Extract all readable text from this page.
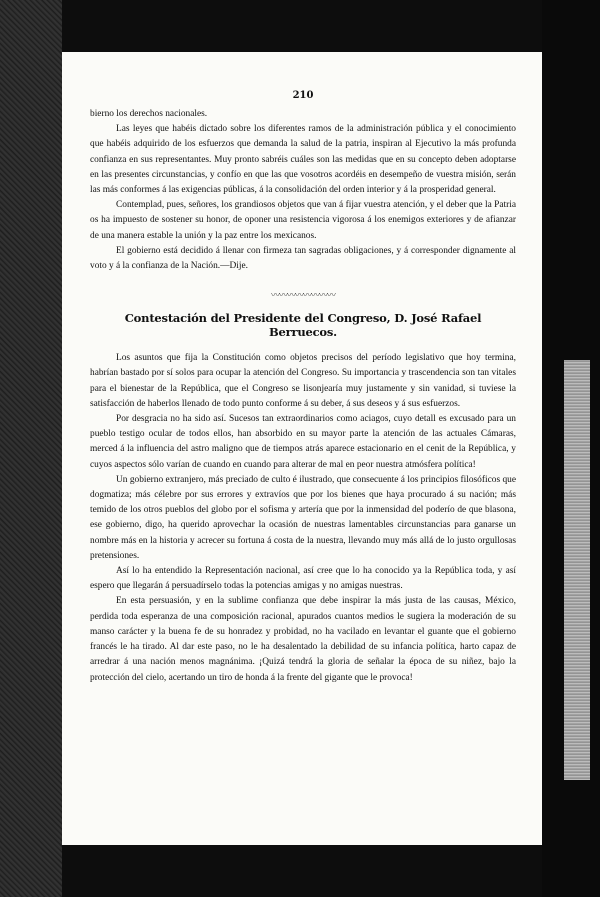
210

bierno los derechos nacionales.

Las leyes que habéis dictado sobre los diferentes ramos de la administración pública y el conocimiento que habéis adquirido de los esfuerzos que demanda la salud de la patria, inspiran al Ejecutivo la más profunda confianza en sus representantes. Muy pronto sabréis cuáles son las medidas que en su concepto deben adoptarse en las presentes circunstancias, y confío en que las que vosotros acordéis en desempeño de vuestra misión, serán las más conformes á las exigencias públicas, á la consolidación del orden interior y á la prosperidad general.

Contemplad, pues, señores, los grandiosos objetos que van á fijar vuestra atención, y el deber que la Patria os ha impuesto de sostener su honor, de oponer una resistencia vigorosa á los enemigos exteriores y de afianzar de una manera estable la unión y la paz entre los mexicanos.

El gobierno está decidido á llenar con firmeza tan sagradas obligaciones, y á corresponder dignamente al voto y á la confianza de la Nación.—Dije.

〰〰〰〰〰〰〰〰
Contestación del Presidente del Congreso, D. José Rafael Berruecos.

Los asuntos que fija la Constitución como objetos precisos del período legislativo que hoy termina, habrían bastado por sí solos para ocupar la atención del Congreso. Su importancia y trascendencia son tan vitales para el bienestar de la República, que el Congreso se lisonjearía muy justamente y sin vanidad, si tuviese la satisfacción de haberlos llenado de todo punto conforme á su deber, á sus deseos y á sus esfuerzos.

Por desgracia no ha sido así. Sucesos tan extraordinarios como aciagos, cuyo detall es excusado para un pueblo testigo ocular de todos ellos, han absorbido en su mayor parte la atención de las actuales Cámaras, merced á la influencia del astro maligno que de tiempos atrás aparece estacionario en el cenit de la República, y cuyos aspectos sólo varían de cuando en cuando para alterar de mal en peor nuestra atmósfera política!

Un gobierno extranjero, más preciado de culto é ilustrado, que consecuente á los principios filosóficos que dogmatiza; más célebre por sus errores y extravíos que por los bienes que haya procurado á su nación; más temido de los otros pueblos del globo por el sofisma y artería que por la inmensidad del poderío de que blasona, ese gobierno, digo, ha querido aprovechar la ocasión de nuestras lamentables circunstancias para ganarse un nombre más en la historia y acrecer su fortuna á costa de la nuestra, llevando muy más allá de lo justo orgullosas pretensiones.

Así lo ha entendido la Representación nacional, así cree que lo ha conocido ya la República toda, y así espero que llegarán á persuadírselo todas la potencias amigas y no amigas nuestras.

En esta persuasión, y en la sublime confianza que debe inspirar la más justa de las causas, México, perdida toda esperanza de una composición racional, apurados cuantos medios le sugiera la moderación de su manso carácter y la buena fe de su honradez y probidad, no ha vacilado en levantar el guante que el gobierno francés le ha tirado. Al dar este paso, no le ha desalentado la debilidad de su infancia política, harto capaz de arredrar á una nación menos magnánima. ¡Quizá tendrá la gloria de señalar la época de su niñez, bajo la protección del cielo, acertando un tiro de honda á la frente del gigante que le provoca!
